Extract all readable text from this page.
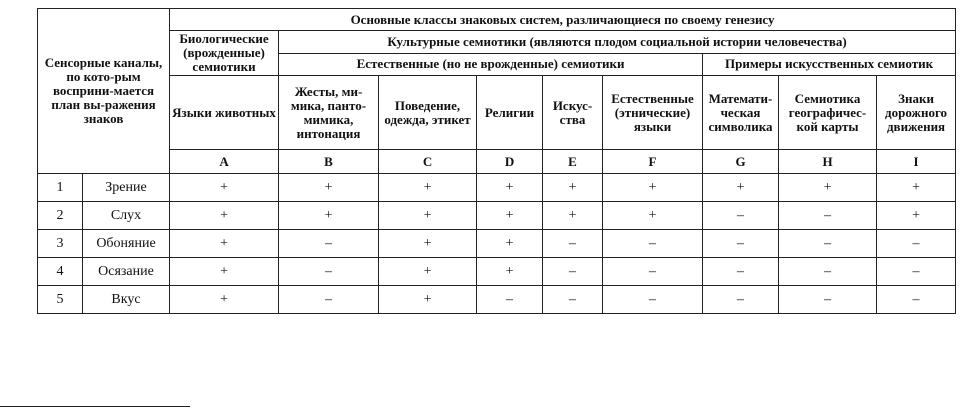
Сенсорные каналы, по кото-рым восприни-мается план вы-ражения знаков		Основные классы знаковых систем, различающиеся по своему генезису								
		Биологические (врожденные) семиотики	Культурные семиотики (являются плодом социальной истории человечества)							
			Естественные (но не врожденные) семиотики					Примеры искусственных семиотик		
		Языки животных	Жесты, ми-мика, панто-мимика, интонация	Поведение, одежда, этикет	Религии	Искус-ства	Естественные (этнические) языки	Математи-ческая символика	Семиотика географичес-кой карты	Знаки дорожного движения
		A	B	C	D	E	F	G	H	I
1	Зрение	+	+	+	+	+	+	+	+	+
2	Слух	+	+	+	+	+	+	–	–	+
3	Обоняние	+	–	+	+	–	–	–	–	–
4	Осязание	+	–	+	+	–	–	–	–	–
5	Вкус	+	–	+	–	–	–	–	–	–
